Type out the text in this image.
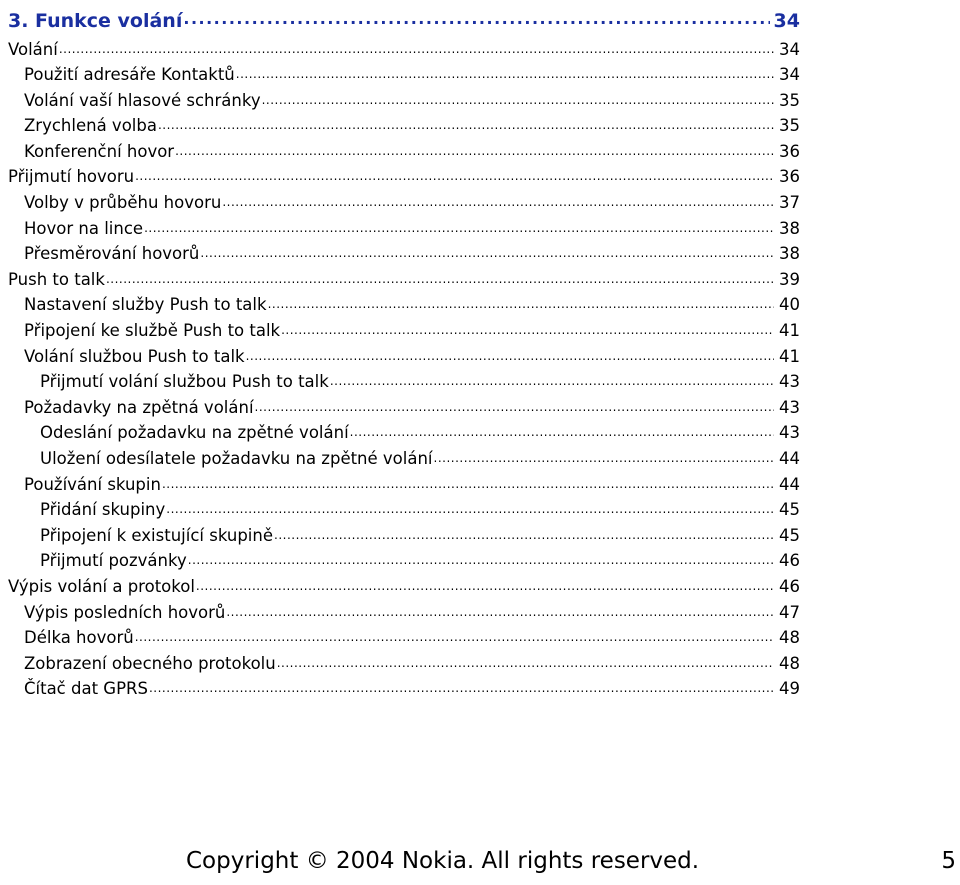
3. Funkce volání .....	34
Volání .....	34
Použití adresáře Kontaktů .....	34
Volání vaší hlasové schránky .....	35
Zrychlená volba .....	35
Konferenční hovor .....	36
Přijmutí hovoru .....	36
Volby v průběhu hovoru .....	37
Hovor na lince .....	38
Přesměrování hovorů .....	38
Push to talk .....	39
Nastavení služby Push to talk .....	40
Připojení ke službě Push to talk .....	41
Volání službou Push to talk .....	41
Přijmutí volání službou Push to talk .....	43
Požadavky na zpětná volání .....	43
Odeslání požadavku na zpětné volání .....	43
Uložení odesílatele požadavku na zpětné volání .....	44
Používání skupin .....	44
Přidání skupiny .....	45
Připojení k existující skupině .....	45
Přijmutí pozvánky .....	46
Výpis volání a protokol .....	46
Výpis posledních hovorů .....	47
Délka hovorů .....	48
Zobrazení obecného protokolu .....	48
Čítač dat GPRS .....	49
Copyright © 2004 Nokia. All rights reserved.	5
